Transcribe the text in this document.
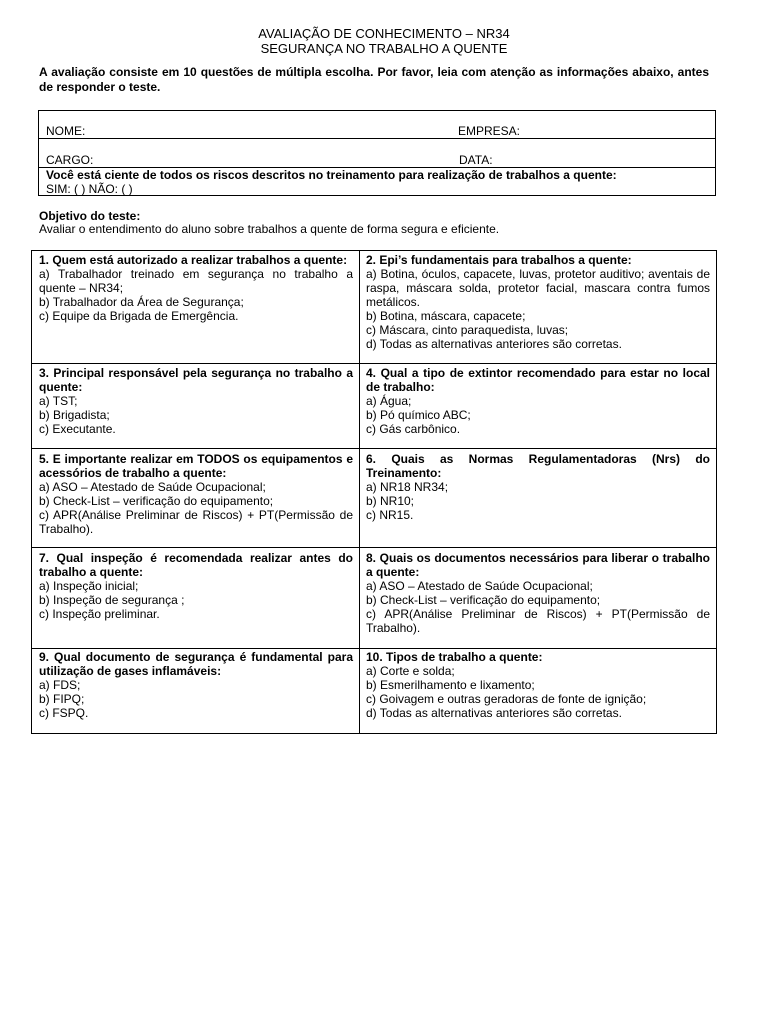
AVALIAÇÃO DE CONHECIMENTO – NR34
SEGURANÇA NO TRABALHO A QUENTE
A avaliação consiste em 10 questões de múltipla escolha. Por favor, leia com atenção as informações abaixo, antes de responder o teste.
NOME:	EMPRESA:
CARGO:	DATA:
Você está ciente de todos os riscos descritos no treinamento para realização de trabalhos a quente:
SIM: ( ) NÃO: ( )
Objetivo do teste:
Avaliar o entendimento do aluno sobre trabalhos a quente de forma segura e eficiente.
1. Quem está autorizado a realizar trabalhos a quente:
a) Trabalhador treinado em segurança no trabalho a quente – NR34;
b) Trabalhador da Área de Segurança;
c) Equipe da Brigada de Emergência.
2. Epi’s fundamentais para trabalhos a quente:
a) Botina, óculos, capacete, luvas, protetor auditivo; aventais de raspa, máscara solda, protetor facial, mascara contra fumos metálicos.
b) Botina, máscara, capacete;
c) Máscara, cinto paraquedista, luvas;
d) Todas as alternativas anteriores são corretas.
3. Principal responsável pela segurança no trabalho a quente:
a) TST;
b) Brigadista;
c) Executante.
4. Qual a tipo de extintor recomendado para estar no local de trabalho:
a) Água;
b) Pó químico ABC;
c) Gás carbônico.
5. E importante realizar em TODOS os equipamentos e acessórios de trabalho a quente:
a) ASO – Atestado de Saúde Ocupacional;
b) Check-List – verificação do equipamento;
c) APR(Análise Preliminar de Riscos) + PT(Permissão de Trabalho).
6. Quais as Normas Regulamentadoras (Nrs) do Treinamento:
a) NR18 NR34;
b) NR10;
c) NR15.
7. Qual inspeção é recomendada realizar antes do trabalho a quente:
a) Inspeção inicial;
b) Inspeção de segurança ;
c) Inspeção preliminar.
8. Quais os documentos necessários para liberar o trabalho a quente:
a) ASO – Atestado de Saúde Ocupacional;
b) Check-List – verificação do equipamento;
c) APR(Análise Preliminar de Riscos) + PT(Permissão de Trabalho).
9. Qual documento de segurança é fundamental para utilização de gases inflamáveis:
a) FDS;
b) FIPQ;
c) FSPQ.
10. Tipos de trabalho a quente:
a) Corte e solda;
b) Esmerilhamento e lixamento;
c) Goivagem e outras geradoras de fonte de ignição;
d) Todas as alternativas anteriores são corretas.
